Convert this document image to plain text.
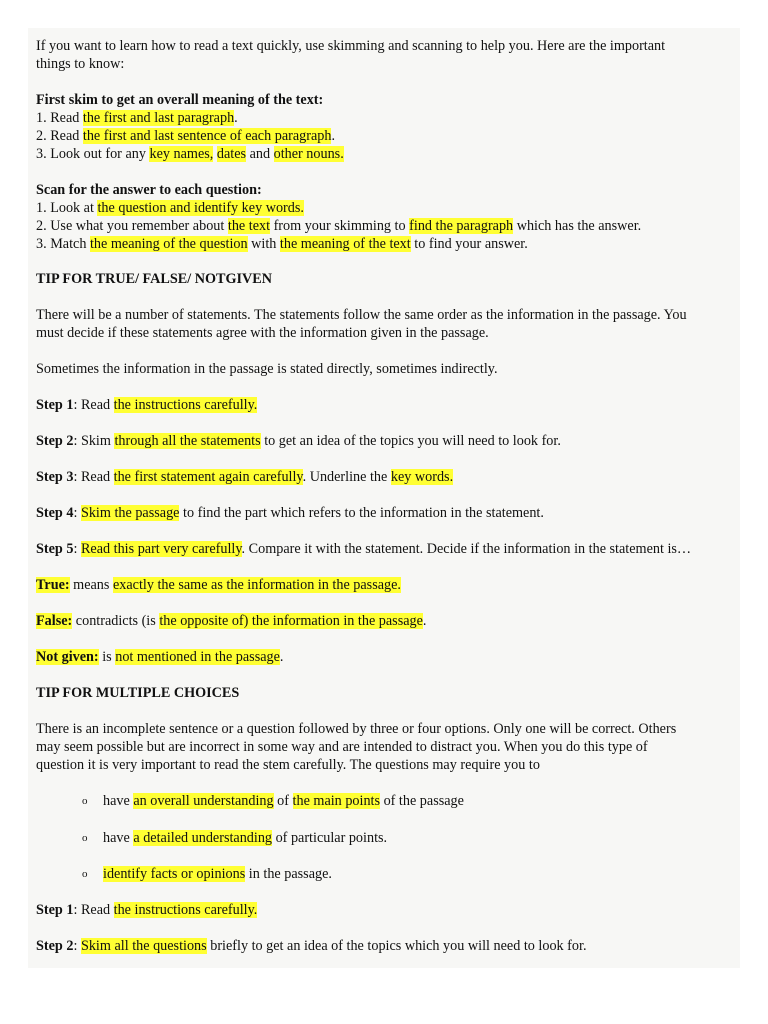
If you want to learn how to read a text quickly, use skimming and scanning to help you. Here are the important
things to know:
First skim to get an overall meaning of the text:
1. Read the first and last paragraph.
2. Read the first and last sentence of each paragraph.
3. Look out for any key names, dates and other nouns.
Scan for the answer to each question:
1. Look at the question and identify key words.
2. Use what you remember about the text from your skimming to find the paragraph which has the answer.
3. Match the meaning of the question with the meaning of the text to find your answer.
TIP FOR TRUE/ FALSE/ NOTGIVEN
There will be a number of statements. The statements follow the same order as the information in the passage. You
must decide if these statements agree with the information given in the passage.
Sometimes the information in the passage is stated directly, sometimes indirectly.
Step 1: Read the instructions carefully.
Step 2: Skim through all the statements to get an idea of the topics you will need to look for.
Step 3: Read the first statement again carefully. Underline the key words.
Step 4: Skim the passage to find the part which refers to the information in the statement.
Step 5: Read this part very carefully. Compare it with the statement. Decide if the information in the statement is…
True: means exactly the same as the information in the passage.
False: contradicts (is the opposite of) the information in the passage.
Not given: is not mentioned in the passage.
TIP FOR MULTIPLE CHOICES
There is an incomplete sentence or a question followed by three or four options. Only one will be correct. Others
may seem possible but are incorrect in some way and are intended to distract you. When you do this type of
question it is very important to read the stem carefully. The questions may require you to
o have an overall understanding of the main points of the passage
o have a detailed understanding of particular points.
o identify facts or opinions in the passage.
Step 1: Read the instructions carefully.
Step 2: Skim all the questions briefly to get an idea of the topics which you will need to look for.
